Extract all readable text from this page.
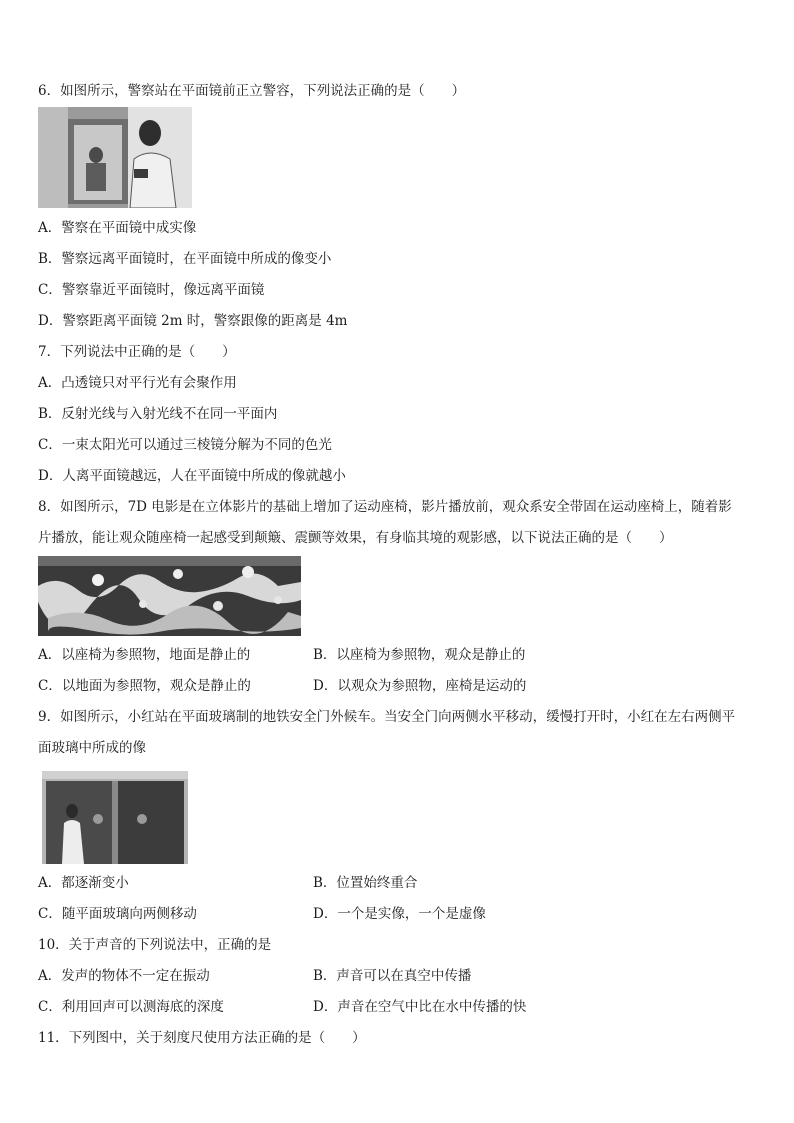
6．如图所示，警察站在平面镜前正立警容，下列说法正确的是（　　）
A．警察在平面镜中成实像
B．警察远离平面镜时，在平面镜中所成的像变小
C．警察靠近平面镜时，像远离平面镜
D．警察距离平面镜 2m 时，警察跟像的距离是 4m
7．下列说法中正确的是（　　）
A．凸透镜只对平行光有会聚作用
B．反射光线与入射光线不在同一平面内
C．一束太阳光可以通过三棱镜分解为不同的色光
D．人离平面镜越远，人在平面镜中所成的像就越小
8．如图所示，7D 电影是在立体影片的基础上增加了运动座椅，影片播放前，观众系安全带固在运动座椅上，随着影
片播放，能让观众随座椅一起感受到颠簸、震颤等效果，有身临其境的观影感，以下说法正确的是（　　）
A．以座椅为参照物，地面是静止的	B．以座椅为参照物，观众是静止的
C．以地面为参照物，观众是静止的	D．以观众为参照物，座椅是运动的
9．如图所示，小红站在平面玻璃制的地铁安全门外候车。当安全门向两侧水平移动，缓慢打开时，小红在左右两侧平
面玻璃中所成的像
A．都逐渐变小	B．位置始终重合
C．随平面玻璃向两侧移动	D．一个是实像，一个是虚像
10．关于声音的下列说法中，正确的是
A．发声的物体不一定在振动	B．声音可以在真空中传播
C．利用回声可以测海底的深度	D．声音在空气中比在水中传播的快
11．下列图中，关于刻度尺使用方法正确的是（　　）
